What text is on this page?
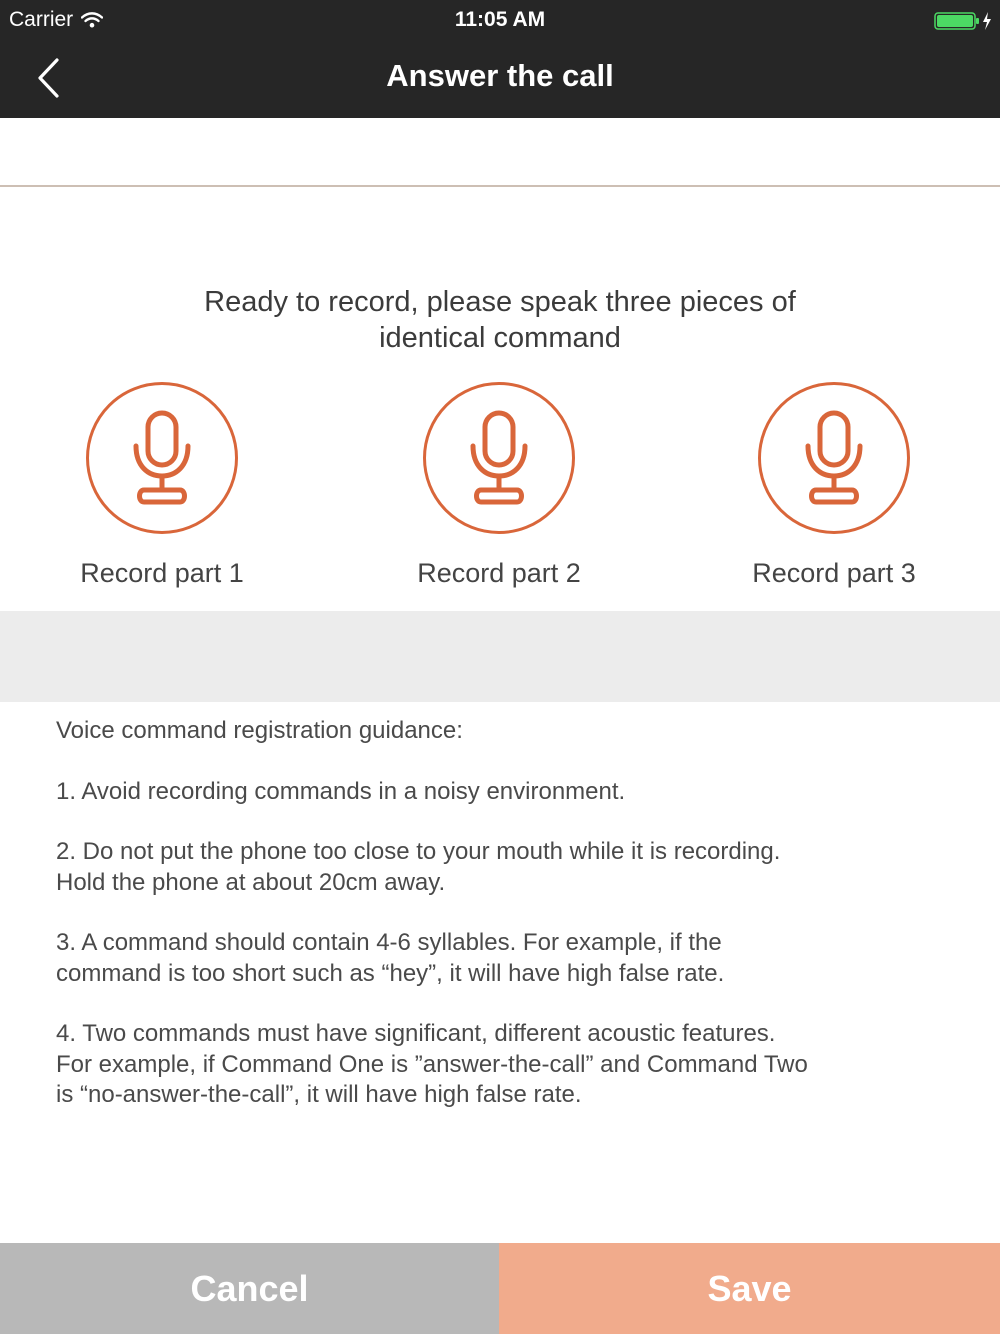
Carrier	11:05 AM
Answer the call
Ready to record, please speak three pieces of identical command
Record part 1	Record part 2	Record part 3

Voice command registration guidance:

1. Avoid recording commands in a noisy environment.

2. Do not put the phone too close to your mouth while it is recording. Hold the phone at about 20cm away.

3. A command should contain 4-6 syllables. For example, if the command is too short such as “hey”, it will have high false rate.

4. Two commands must have significant, different acoustic features. For example, if Command One is ”answer-the-call” and Command Two is “no-answer-the-call”, it will have high false rate.

Cancel	Save
